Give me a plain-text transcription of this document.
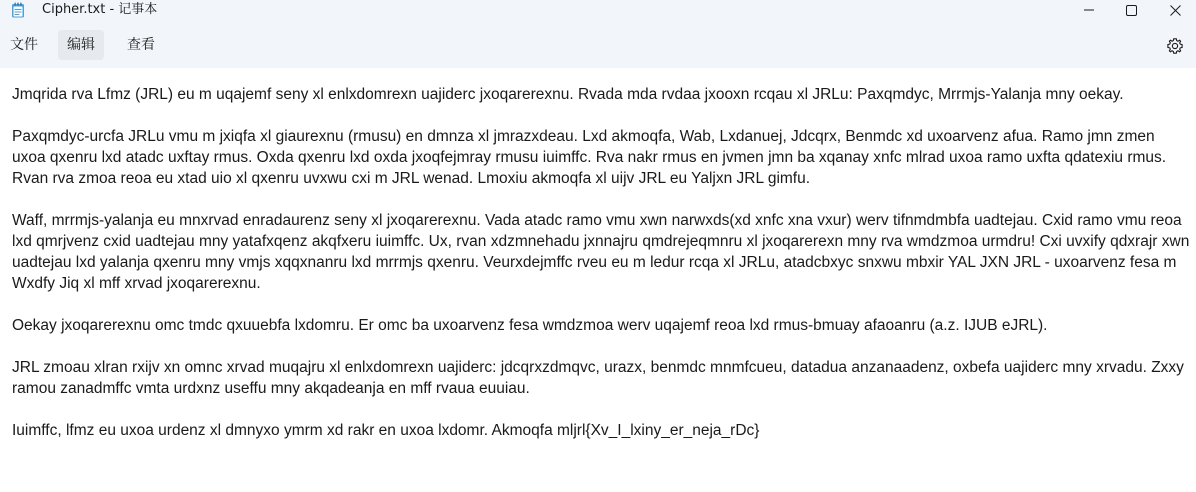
Cipher.txt - 记事本
文件	编辑	查看

Jmqrida rva Lfmz (JRL) eu m uqajemf seny xl enlxdomrexn uajiderc jxoqarerexnu. Rvada mda rvdaa jxooxn rcqau xl JRLu: Paxqmdyc, Mrrmjs-Yalanja mny oekay.

Paxqmdyc-urcfa JRLu vmu m jxiqfa xl giaurexnu (rmusu) en dmnza xl jmrazxdeau. Lxd akmoqfa, Wab, Lxdanuej, Jdcqrx, Benmdc xd uxoarvenz afua. Ramo jmn zmen uxoa qxenru lxd atadc uxftay rmus. Oxda qxenru lxd oxda jxoqfejmray rmusu iuimffc. Rva nakr rmus en jvmen jmn ba xqanay xnfc mlrad uxoa ramo uxfta qdatexiu rmus. Rvan rva zmoa reoa eu xtad uio xl qxenru uvxwu cxi m JRL wenad. Lmoxiu akmoqfa xl uijv JRL eu Yaljxn JRL gimfu.

Waff, mrrmjs-yalanja eu mnxrvad enradaurenz seny xl jxoqarerexnu. Vada atadc ramo vmu xwn narwxds(xd xnfc xna vxur) werv tifnmdmbfa uadtejau. Cxid ramo vmu reoa lxd qmrjvenz cxid uadtejau mny yatafxqenz akqfxeru iuimffc. Ux, rvan xdzmnehadu jxnnajru qmdrejeqmnru xl jxoqarerexn mny rva wmdzmoa urmdru! Cxi uvxify qdxrajr xwn uadtejau lxd yalanja qxenru mny vmjs xqqxnanru lxd mrrmjs qxenru. Veurxdejmffc rveu eu m ledur rcqa xl JRLu, atadcbxyc snxwu mbxir YAL JXN JRL - uxoarvenz fesa m Wxdfy Jiq xl mff xrvad jxoqarerexnu.

Oekay jxoqarerexnu omc tmdc qxuuebfa lxdomru. Er omc ba uxoarvenz fesa wmdzmoa werv uqajemf reoa lxd rmus-bmuay afaoanru (a.z. IJUB eJRL).

JRL zmoau xlran rxijv xn omnc xrvad muqajru xl enlxdomrexn uajiderc: jdcqrxzdmqvc, urazx, benmdc mnmfcueu, datadua anzanaadenz, oxbefa uajiderc mny xrvadu. Zxxy ramou zanadmffc vmta urdxnz useffu mny akqadeanja en mff rvaua euuiau.

Iuimffc, lfmz eu uxoa urdenz xl dmnyxo ymrm xd rakr en uxoa lxdomr. Akmoqfa mljrl{Xv_I_lxiny_er_neja_rDc}
